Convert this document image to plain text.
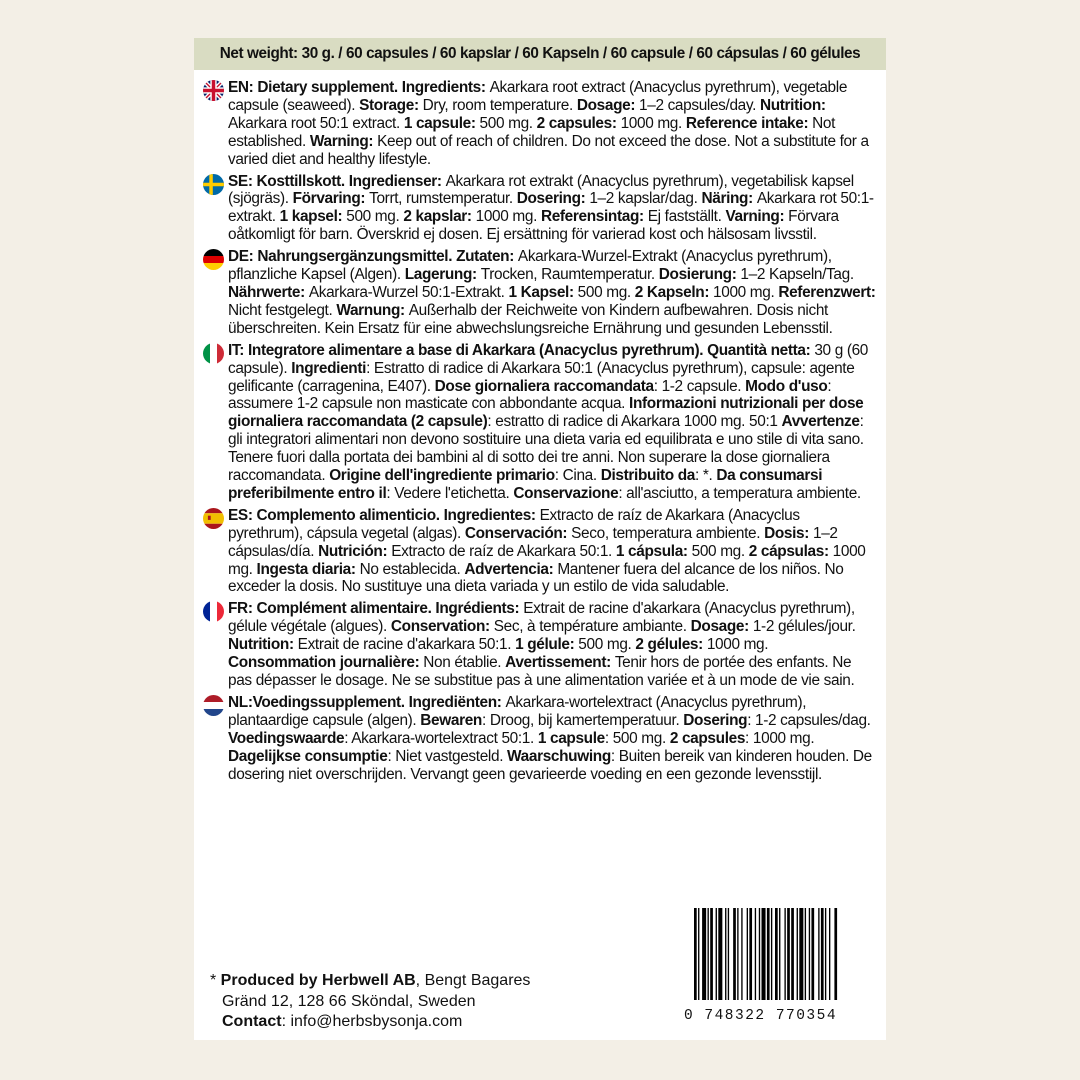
Net weight: 30 g. / 60 capsules / 60 kapslar / 60 Kapseln / 60 capsule / 60 cápsulas / 60 gélules

EN: Dietary supplement. Ingredients: Akarkara root extract (Anacyclus pyrethrum), vegetable capsule (seaweed). Storage: Dry, room temperature. Dosage: 1–2 capsules/day. Nutrition: Akarkara root 50:1 extract. 1 capsule: 500 mg. 2 capsules: 1000 mg. Reference intake: Not established. Warning: Keep out of reach of children. Do not exceed the dose. Not a substitute for a varied diet and healthy lifestyle.

SE: Kosttillskott. Ingredienser: Akarkara rot extrakt (Anacyclus pyrethrum), vegetabilisk kapsel (sjögräs). Förvaring: Torrt, rumstemperatur. Dosering: 1–2 kapslar/dag. Näring: Akarkara rot 50:1-extrakt. 1 kapsel: 500 mg. 2 kapslar: 1000 mg. Referensintag: Ej fastställt. Varning: Förvara oåtkomligt för barn. Överskrid ej dosen. Ej ersättning för varierad kost och hälsosam livsstil.

DE: Nahrungsergänzungsmittel. Zutaten: Akarkara-Wurzel-Extrakt (Anacyclus pyrethrum), pflanzliche Kapsel (Algen). Lagerung: Trocken, Raumtemperatur. Dosierung: 1–2 Kapseln/Tag. Nährwerte: Akarkara-Wurzel 50:1-Extrakt. 1 Kapsel: 500 mg. 2 Kapseln: 1000 mg. Referenzwert: Nicht festgelegt. Warnung: Außerhalb der Reichweite von Kindern aufbewahren. Dosis nicht überschreiten. Kein Ersatz für eine abwechslungsreiche Ernährung und gesunden Lebensstil.

IT: Integratore alimentare a base di Akarkara (Anacyclus pyrethrum). Quantità netta: 30 g (60 capsule). Ingredienti: Estratto di radice di Akarkara 50:1 (Anacyclus pyrethrum), capsule: agente gelificante (carragenina, E407). Dose giornaliera raccomandata: 1-2 capsule. Modo d'uso: assumere 1-2 capsule non masticate con abbondante acqua. Informazioni nutrizionali per dose giornaliera raccomandata (2 capsule): estratto di radice di Akarkara 1000 mg. 50:1 Avvertenze: gli integratori alimentari non devono sostituire una dieta varia ed equilibrata e uno stile di vita sano. Tenere fuori dalla portata dei bambini al di sotto dei tre anni. Non superare la dose giornaliera raccomandata. Origine dell'ingrediente primario: Cina. Distribuito da: *. Da consumarsi preferibilmente entro il: Vedere l'etichetta. Conservazione: all'asciutto, a temperatura ambiente.

ES: Complemento alimenticio. Ingredientes: Extracto de raíz de Akarkara (Anacyclus pyrethrum), cápsula vegetal (algas). Conservación: Seco, temperatura ambiente. Dosis: 1–2 cápsulas/día. Nutrición: Extracto de raíz de Akarkara 50:1. 1 cápsula: 500 mg. 2 cápsulas: 1000 mg. Ingesta diaria: No establecida. Advertencia: Mantener fuera del alcance de los niños. No exceder la dosis. No sustituye una dieta variada y un estilo de vida saludable.

FR: Complément alimentaire. Ingrédients: Extrait de racine d'akarkara (Anacyclus pyrethrum), gélule végétale (algues). Conservation: Sec, à température ambiante. Dosage: 1-2 gélules/jour. Nutrition: Extrait de racine d'akarkara 50:1. 1 gélule: 500 mg. 2 gélules: 1000 mg. Consommation journalière: Non établie. Avertissement: Tenir hors de portée des enfants. Ne pas dépasser le dosage. Ne se substitue pas à une alimentation variée et à un mode de vie sain.

NL:Voedingssupplement. Ingrediënten: Akarkara-wortelextract (Anacyclus pyrethrum), plantaardige capsule (algen). Bewaren: Droog, bij kamertemperatuur. Dosering: 1-2 capsules/dag. Voedingswaarde: Akarkara-wortelextract 50:1. 1 capsule: 500 mg. 2 capsules: 1000 mg. Dagelijkse consumptie: Niet vastgesteld. Waarschuwing: Buiten bereik van kinderen houden. De dosering niet overschrijden. Vervangt geen gevarieerde voeding en een gezonde levensstijl.

* Produced by Herbwell AB, Bengt Bagares
Gränd 12, 128 66 Sköndal, Sweden
Contact: info@herbsbysonja.com	0 748322 770354
